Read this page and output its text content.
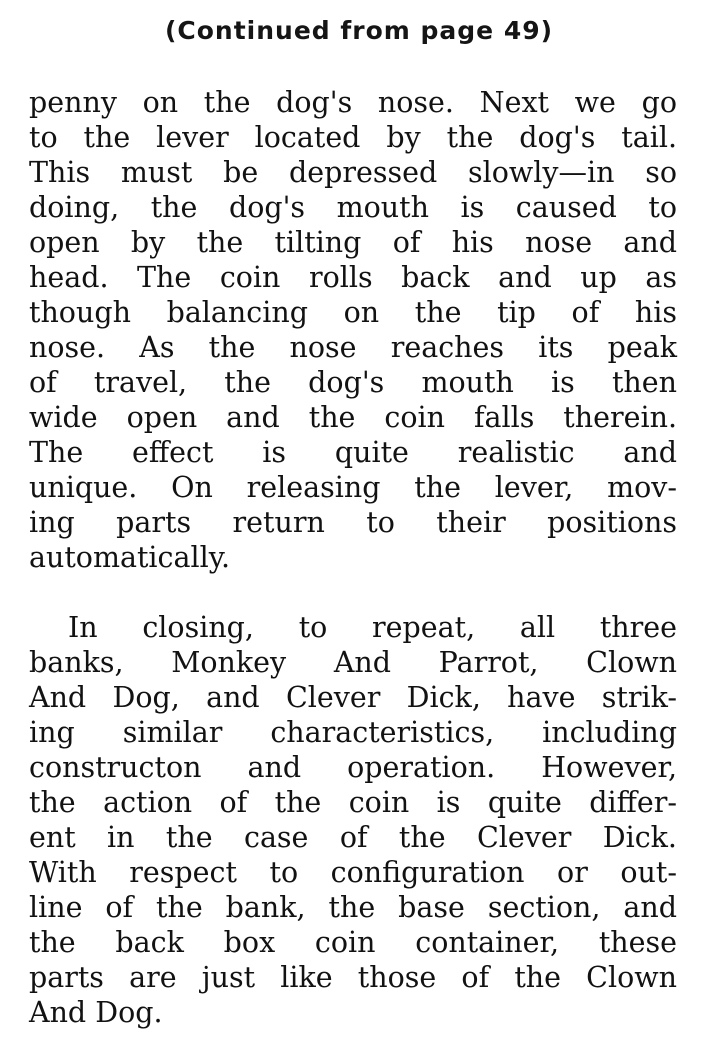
(Continued from page 49)
penny on the dog's nose. Next we go
to the lever located by the dog's tail.
This must be depressed slowly—in so
doing, the dog's mouth is caused to
open by the tilting of his nose and
head. The coin rolls back and up as
though balancing on the tip of his
nose. As the nose reaches its peak
of travel, the dog's mouth is then
wide open and the coin falls therein.
The effect is quite realistic and
unique. On releasing the lever, mov-
ing parts return to their positions
automatically.
In closing, to repeat, all three
banks, Monkey And Parrot, Clown
And Dog, and Clever Dick, have strik-
ing similar characteristics, including
constructon and operation. However,
the action of the coin is quite differ-
ent in the case of the Clever Dick.
With respect to configuration or out-
line of the bank, the base section, and
the back box coin container, these
parts are just like those of the Clown
And Dog.
